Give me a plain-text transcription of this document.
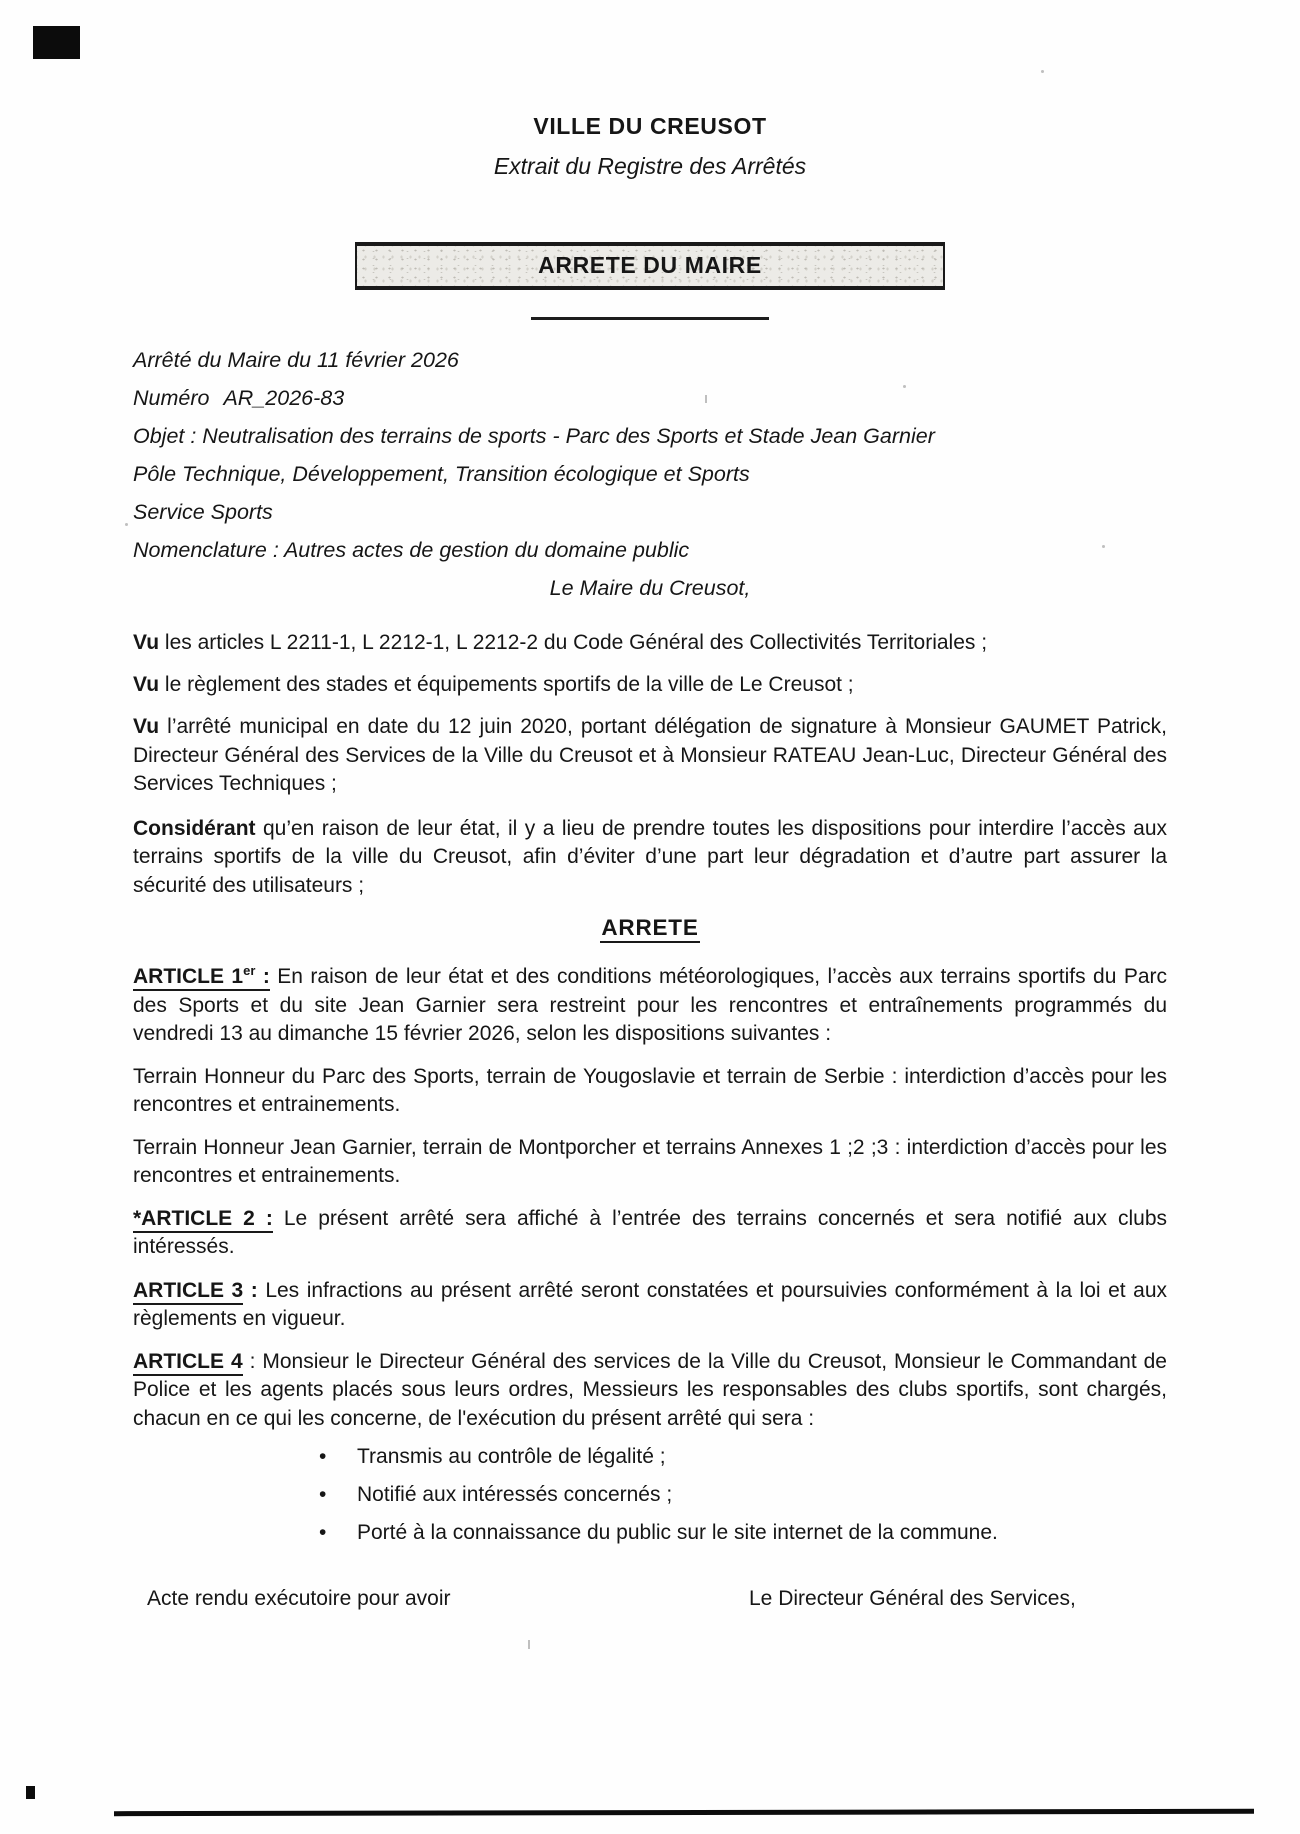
VILLE DU CREUSOT
Extrait du Registre des Arrêtés
ARRETE DU MAIRE
Arrêté du Maire du 11 février 2026
Numéro AR_2026-83
Objet : Neutralisation des terrains de sports - Parc des Sports et Stade Jean Garnier
Pôle Technique, Développement, Transition écologique et Sports
Service Sports
Nomenclature : Autres actes de gestion du domaine public
Le Maire du Creusot,

Vu les articles L 2211-1, L 2212-1, L 2212-2 du Code Général des Collectivités Territoriales ;

Vu le règlement des stades et équipements sportifs de la ville de Le Creusot ;

Vu l’arrêté municipal en date du 12 juin 2020, portant délégation de signature à Monsieur GAUMET Patrick, Directeur Général des Services de la Ville du Creusot et à Monsieur RATEAU Jean-Luc, Directeur Général des Services Techniques ;

Considérant qu’en raison de leur état, il y a lieu de prendre toutes les dispositions pour interdire l’accès aux terrains sportifs de la ville du Creusot, afin d’éviter d’une part leur dégradation et d’autre part assurer la sécurité des utilisateurs ;

ARRETE

ARTICLE 1er : En raison de leur état et des conditions météorologiques, l’accès aux terrains sportifs du Parc des Sports et du site Jean Garnier sera restreint pour les rencontres et entraînements programmés du vendredi 13 au dimanche 15 février 2026, selon les dispositions suivantes :

Terrain Honneur du Parc des Sports, terrain de Yougoslavie et terrain de Serbie : interdiction d’accès pour les rencontres et entrainements.

Terrain Honneur Jean Garnier, terrain de Montporcher et terrains Annexes 1 ;2 ;3 : interdiction d’accès pour les rencontres et entrainements.

*ARTICLE 2 : Le présent arrêté sera affiché à l’entrée des terrains concernés et sera notifié aux clubs intéressés.

ARTICLE 3 : Les infractions au présent arrêté seront constatées et poursuivies conformément à la loi et aux règlements en vigueur.

ARTICLE 4 : Monsieur le Directeur Général des services de la Ville du Creusot, Monsieur le Commandant de Police et les agents placés sous leurs ordres, Messieurs les responsables des clubs sportifs, sont chargés, chacun en ce qui les concerne, de l'exécution du présent arrêté qui sera :

• Transmis au contrôle de légalité ;
• Notifié aux intéressés concernés ;
• Porté à la connaissance du public sur le site internet de la commune.
Acte rendu exécutoire pour avoir	Le Directeur Général des Services,
